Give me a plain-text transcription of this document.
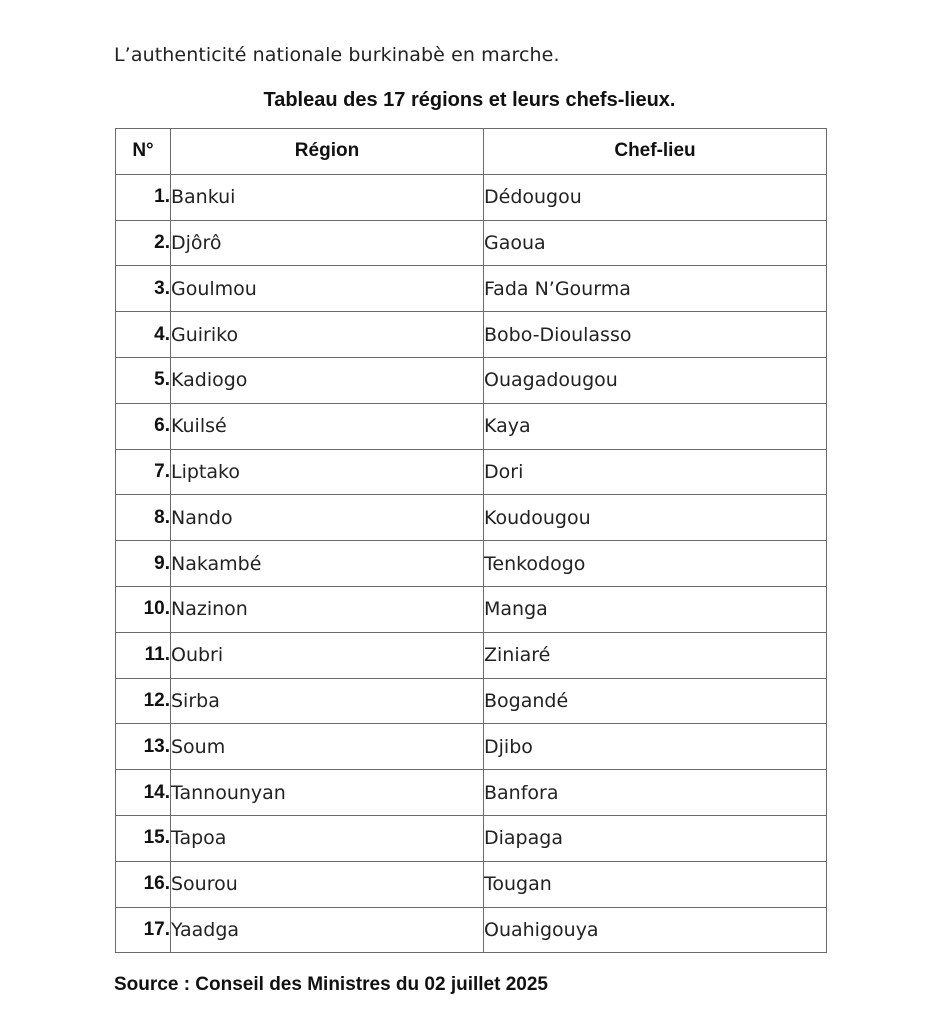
L’authenticité nationale burkinabè en marche.
Tableau des 17 régions et leurs chefs-lieux.
N°	Région	Chef-lieu
1.	Bankui	Dédougou
2.	Djôrô	Gaoua
3.	Goulmou	Fada N’Gourma
4.	Guiriko	Bobo-Dioulasso
5.	Kadiogo	Ouagadougou
6.	Kuilsé	Kaya
7.	Liptako	Dori
8.	Nando	Koudougou
9.	Nakambé	Tenkodogo
10.	Nazinon	Manga
11.	Oubri	Ziniaré
12.	Sirba	Bogandé
13.	Soum	Djibo
14.	Tannounyan	Banfora
15.	Tapoa	Diapaga
16.	Sourou	Tougan
17.	Yaadga	Ouahigouya
Source : Conseil des Ministres du 02 juillet 2025
